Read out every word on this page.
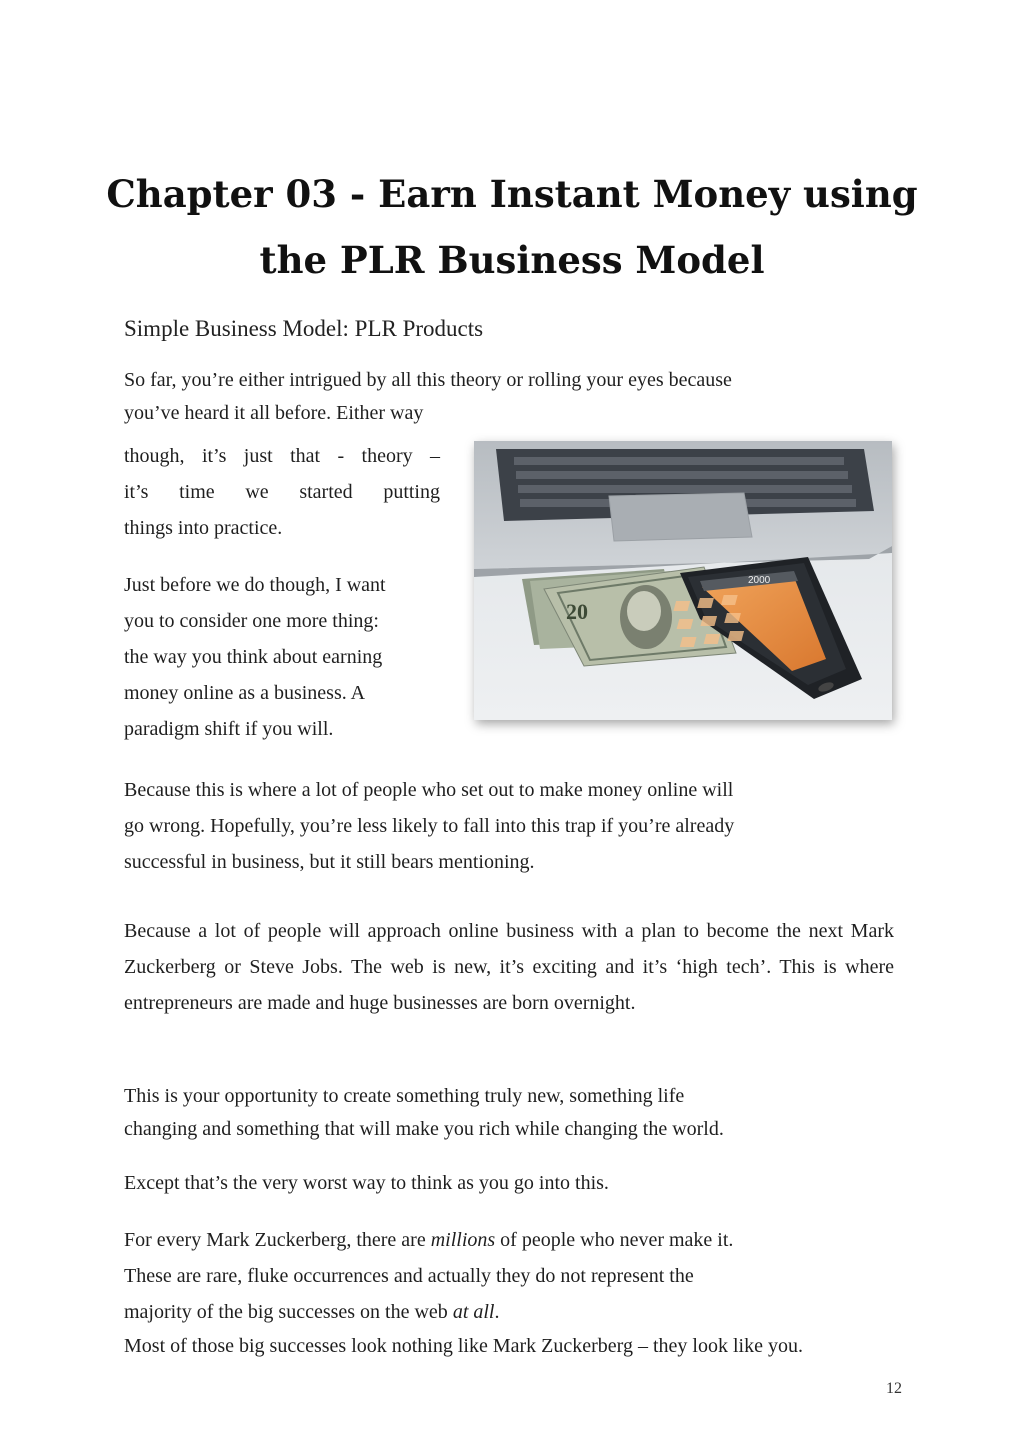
Chapter 03 - Earn Instant Money using
the PLR Business Model
Simple Business Model: PLR Products
So far, you’re either intrigued by all this theory or rolling your eyes because
you’ve heard it all before. Either way
though, it’s just that - theory –
it’s time we started putting
things into practice.
Just before we do though, I want
you to consider one more thing:
the way you think about earning
money online as a business. A
paradigm shift if you will.
20
2000
Because this is where a lot of people who set out to make money online will
go wrong. Hopefully, you’re less likely to fall into this trap if you’re already
successful in business, but it still bears mentioning.

Because a lot of people will approach online business with a plan to become the next Mark Zuckerberg or Steve Jobs. The web is new, it’s exciting and it’s ‘high tech’. This is where entrepreneurs are made and huge businesses are born overnight.

This is your opportunity to create something truly new, something life
changing and something that will make you rich while changing the world.

Except that’s the very worst way to think as you go into this.

For every Mark Zuckerberg, there are millions of people who never make it.
These are rare, fluke occurrences and actually they do not represent the
majority of the big successes on the web at all.

Most of those big successes look nothing like Mark Zuckerberg – they look like you.

12
